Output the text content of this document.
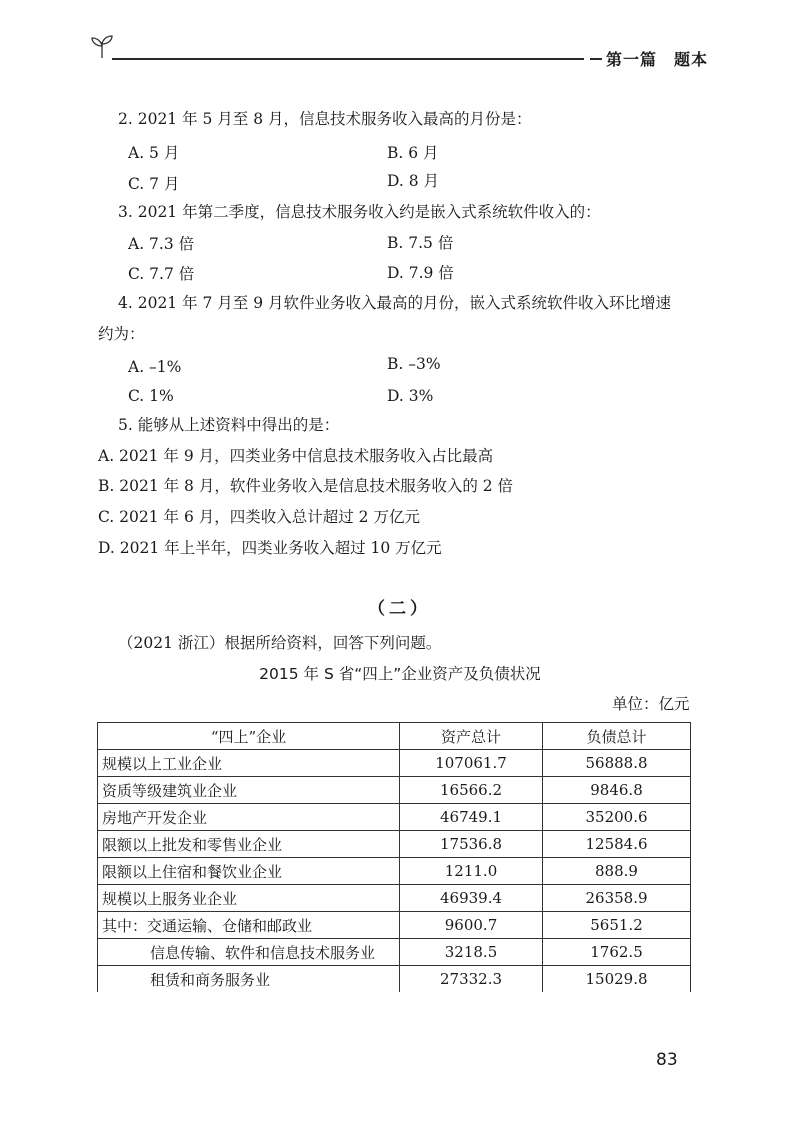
第一篇　题本
2. 2021 年 5 月至 8 月，信息技术服务收入最高的月份是：
A. 5 月	B. 6 月
C. 7 月	D. 8 月
3. 2021 年第二季度，信息技术服务收入约是嵌入式系统软件收入的：
A. 7.3 倍	B. 7.5 倍
C. 7.7 倍	D. 7.9 倍
4. 2021 年 7 月至 9 月软件业务收入最高的月份，嵌入式系统软件收入环比增速
约为：
A. –1%	B. –3%
C. 1%	D. 3%
5. 能够从上述资料中得出的是：
A. 2021 年 9 月，四类业务中信息技术服务收入占比最高
B. 2021 年 8 月，软件业务收入是信息技术服务收入的 2 倍
C. 2021 年 6 月，四类收入总计超过 2 万亿元
D. 2021 年上半年，四类业务收入超过 10 万亿元
（二）
（2021 浙江）根据所给资料，回答下列问题。
2015 年 S 省“四上”企业资产及负债状况
单位：亿元
“四上”企业	资产总计	负债总计
规模以上工业企业	107061.7	56888.8
资质等级建筑业企业	16566.2	9846.8
房地产开发企业	46749.1	35200.6
限额以上批发和零售业企业	17536.8	12584.6
限额以上住宿和餐饮业企业	1211.0	888.9
规模以上服务业企业	46939.4	26358.9
其中：交通运输、仓储和邮政业	9600.7	5651.2
信息传输、软件和信息技术服务业	3218.5	1762.5
租赁和商务服务业	27332.3	15029.8
83
